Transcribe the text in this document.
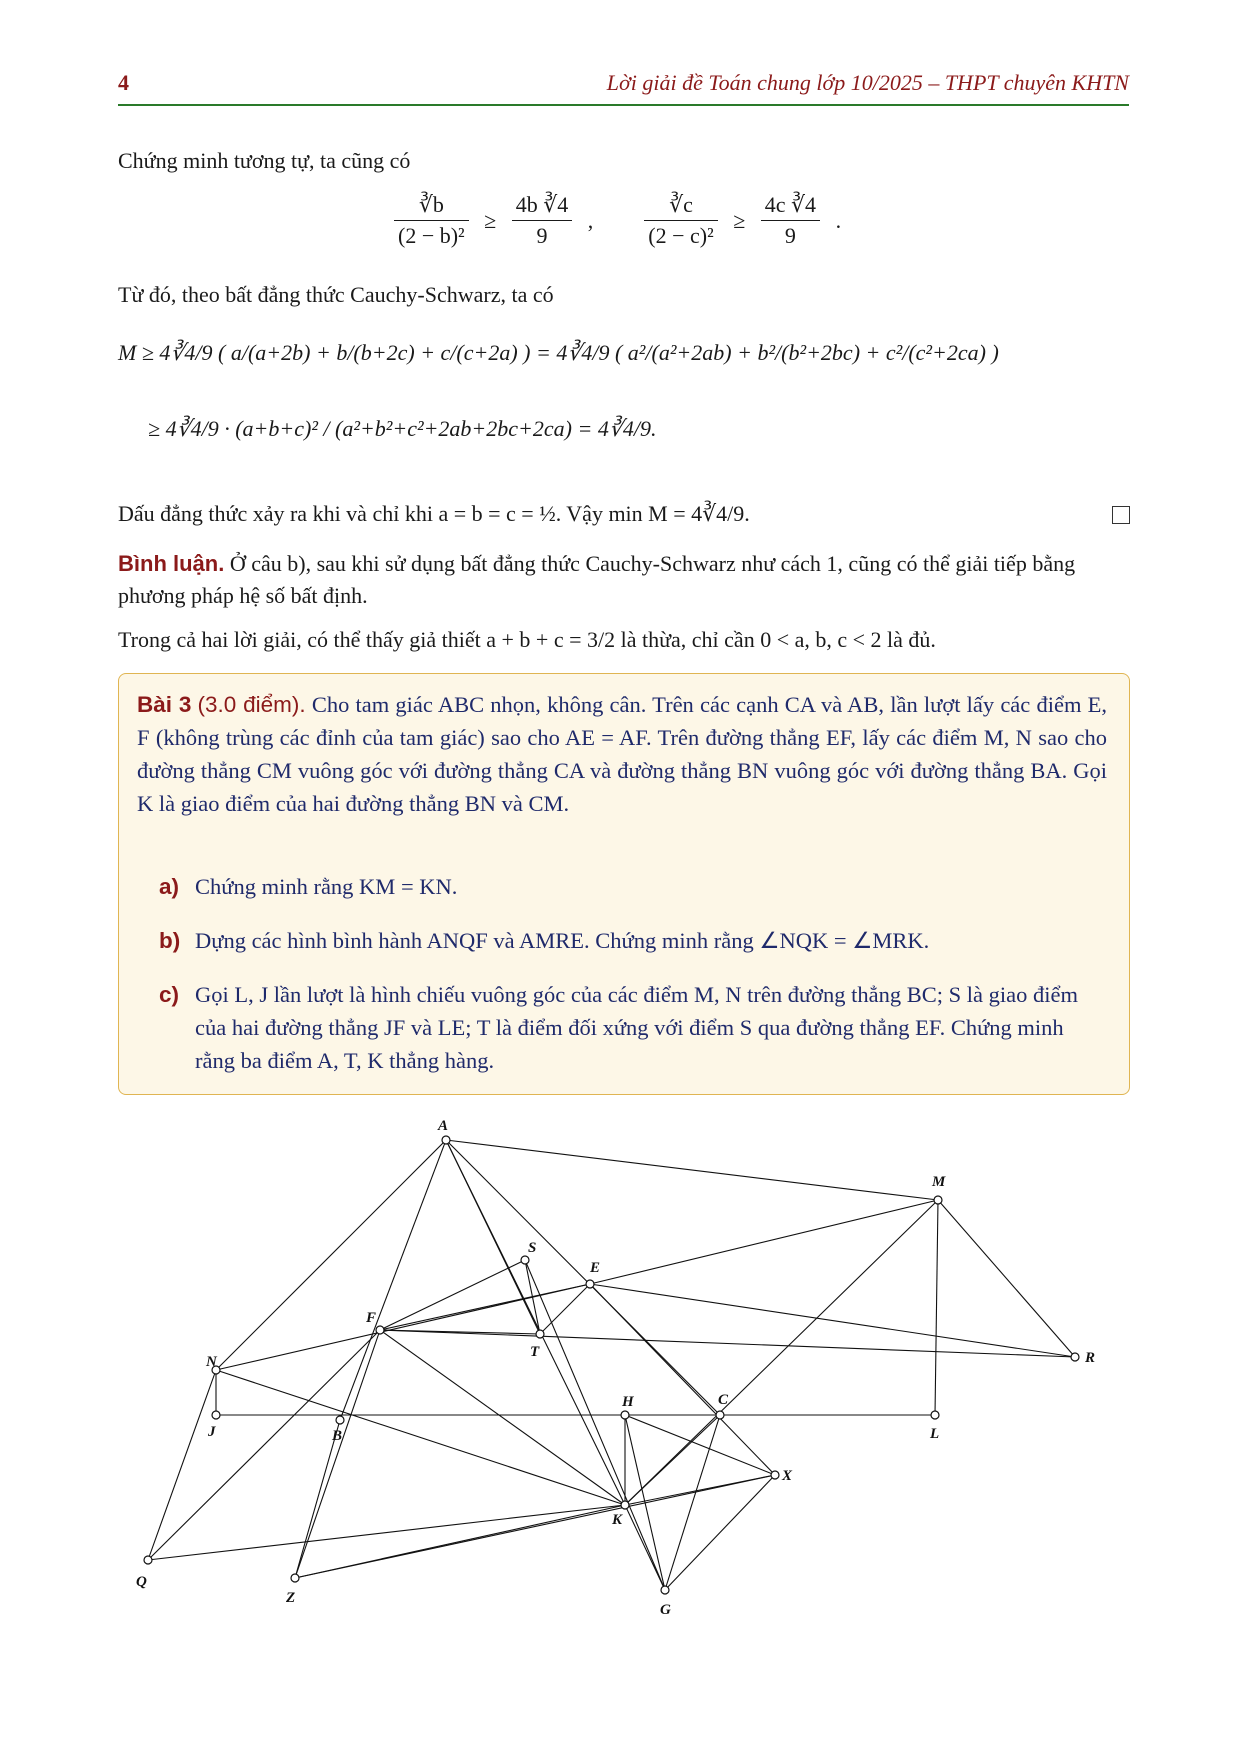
4	Lời giải đề Toán chung lớp 10/2025 – THPT chuyên KHTN
Chứng minh tương tự, ta cũng có
$\frac{∛b}{\text{(2 − b)²}} \ge \frac{4b ∛4}{9}$ , $\frac{∛c}{\text{(2 − c)²}} \ge \frac{4c ∛4}{9}$ .
Từ đó, theo bất đẳng thức Cauchy-Schwarz, ta có
M ≥ 4∛4/9 ( a/(a+2b) + b/(b+2c) + c/(c+2a) ) = 4∛4/9 ( a²/(a²+2ab) + b²/(b²+2bc) + c²/(c²+2ca) )
≥ 4∛4/9 · (a+b+c)² / (a²+b²+c²+2ab+2bc+2ca) = 4∛4/9.
Dấu đẳng thức xảy ra khi và chỉ khi a = b = c = ½. Vậy min M = 4∛4/9.
Bình luận. Ở câu b), sau khi sử dụng bất đẳng thức Cauchy-Schwarz như cách 1, cũng có thể giải tiếp bằng phương pháp hệ số bất định.
Trong cả hai lời giải, có thể thấy giả thiết a + b + c = 3/2 là thừa, chỉ cần 0 < a, b, c < 2 là đủ.
Bài 3 (3.0 điểm). Cho tam giác ABC nhọn, không cân. Trên các cạnh CA và AB, lần lượt lấy các điểm E, F (không trùng các đỉnh của tam giác) sao cho AE = AF. Trên đường thẳng EF, lấy các điểm M, N sao cho đường thẳng CM vuông góc với đường thẳng CA và đường thẳng BN vuông góc với đường thẳng BA. Gọi K là giao điểm của hai đường thẳng BN và CM.
a) Chứng minh rằng KM = KN.
b) Dựng các hình bình hành ANQF và AMRE. Chứng minh rằng ∠NQK = ∠MRK.
c) Gọi L, J lần lượt là hình chiếu vuông góc của các điểm M, N trên đường thẳng BC; S là giao điểm của hai đường thẳng JF và LE; T là điểm đối xứng với điểm S qua đường thẳng EF. Chứng minh rằng ba điểm A, T, K thẳng hàng.
A
M
S
E
F
T
N	R
H	C
J	B	L
X
K
Q
Z
G
